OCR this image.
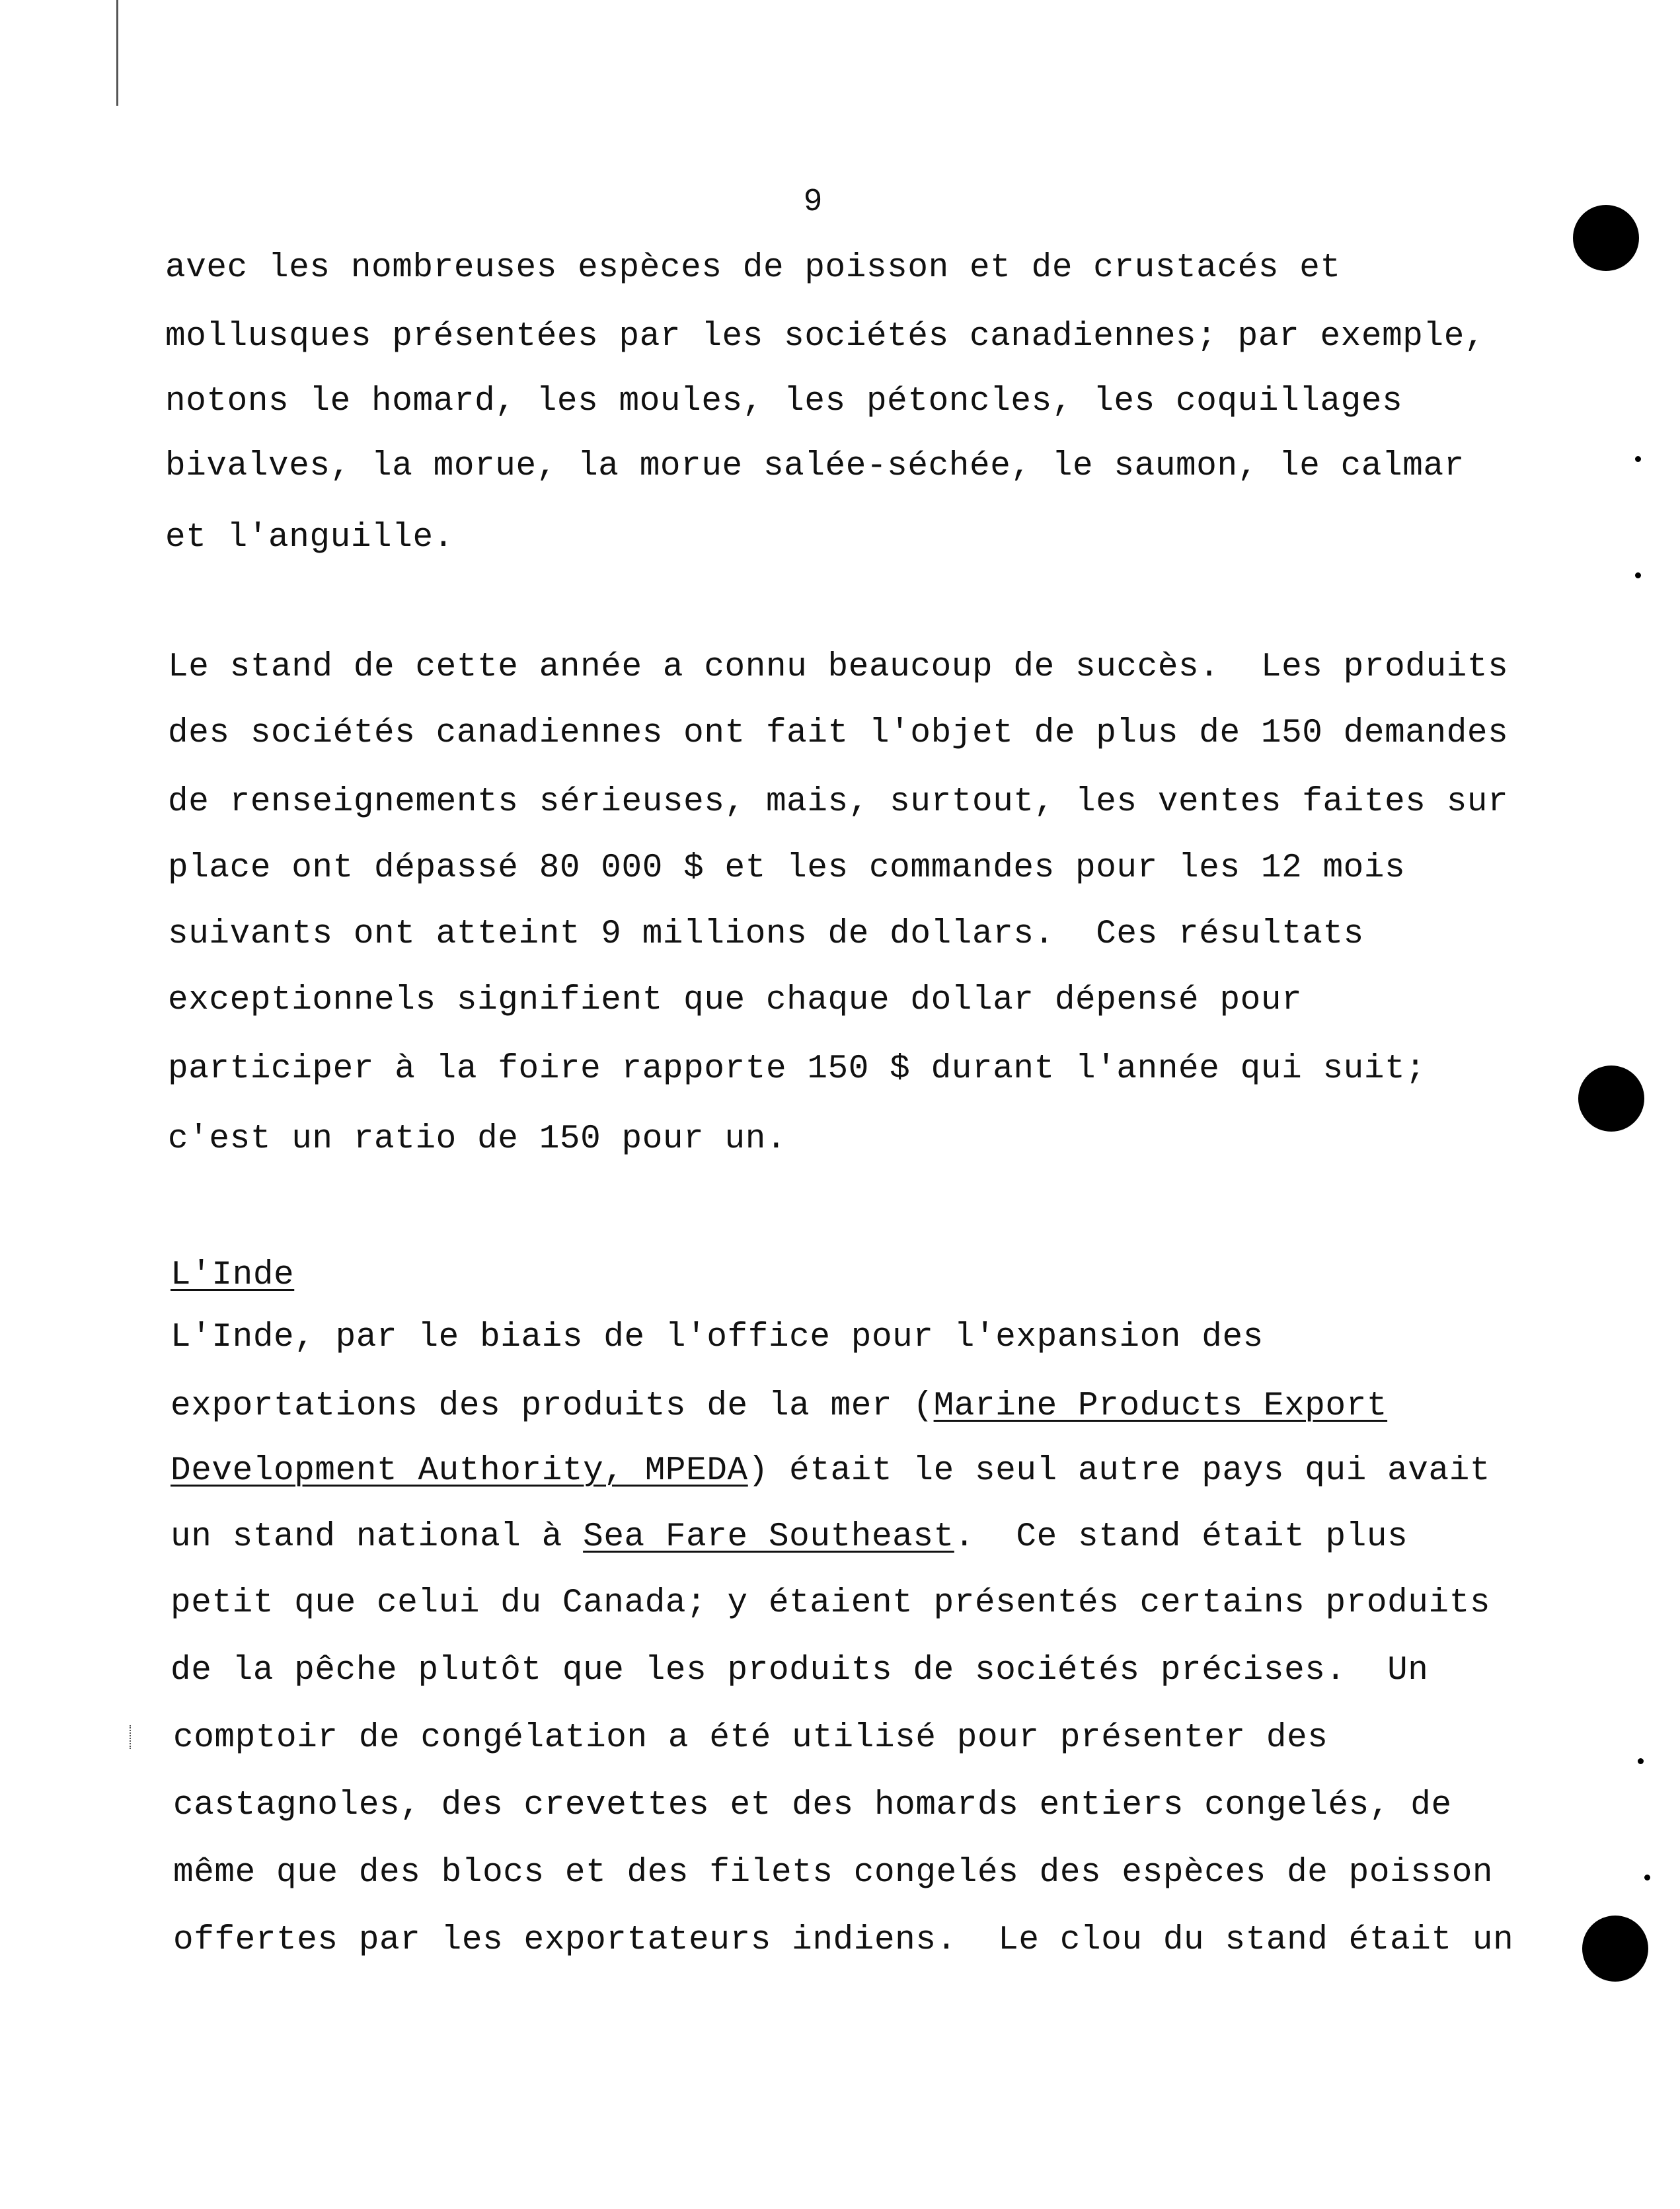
9
avec les nombreuses espèces de poisson et de crustacés et
mollusques présentées par les sociétés canadiennes; par exemple,
notons le homard, les moules, les pétoncles, les coquillages
bivalves, la morue, la morue salée-séchée, le saumon, le calmar
et l'anguille.
Le stand de cette année a connu beaucoup de succès.  Les produits
des sociétés canadiennes ont fait l'objet de plus de 150 demandes
de renseignements sérieuses, mais, surtout, les ventes faites sur
place ont dépassé 80 000 $ et les commandes pour les 12 mois
suivants ont atteint 9 millions de dollars.  Ces résultats
exceptionnels signifient que chaque dollar dépensé pour
participer à la foire rapporte 150 $ durant l'année qui suit;
c'est un ratio de 150 pour un.
L'Inde
L'Inde, par le biais de l'office pour l'expansion des
exportations des produits de la mer (Marine Products Export
Development Authority, MPEDA) était le seul autre pays qui avait
un stand national à Sea Fare Southeast.  Ce stand était plus
petit que celui du Canada; y étaient présentés certains produits
de la pêche plutôt que les produits de sociétés précises.  Un
comptoir de congélation a été utilisé pour présenter des
castagnoles, des crevettes et des homards entiers congelés, de
même que des blocs et des filets congelés des espèces de poisson
offertes par les exportateurs indiens.  Le clou du stand était un
